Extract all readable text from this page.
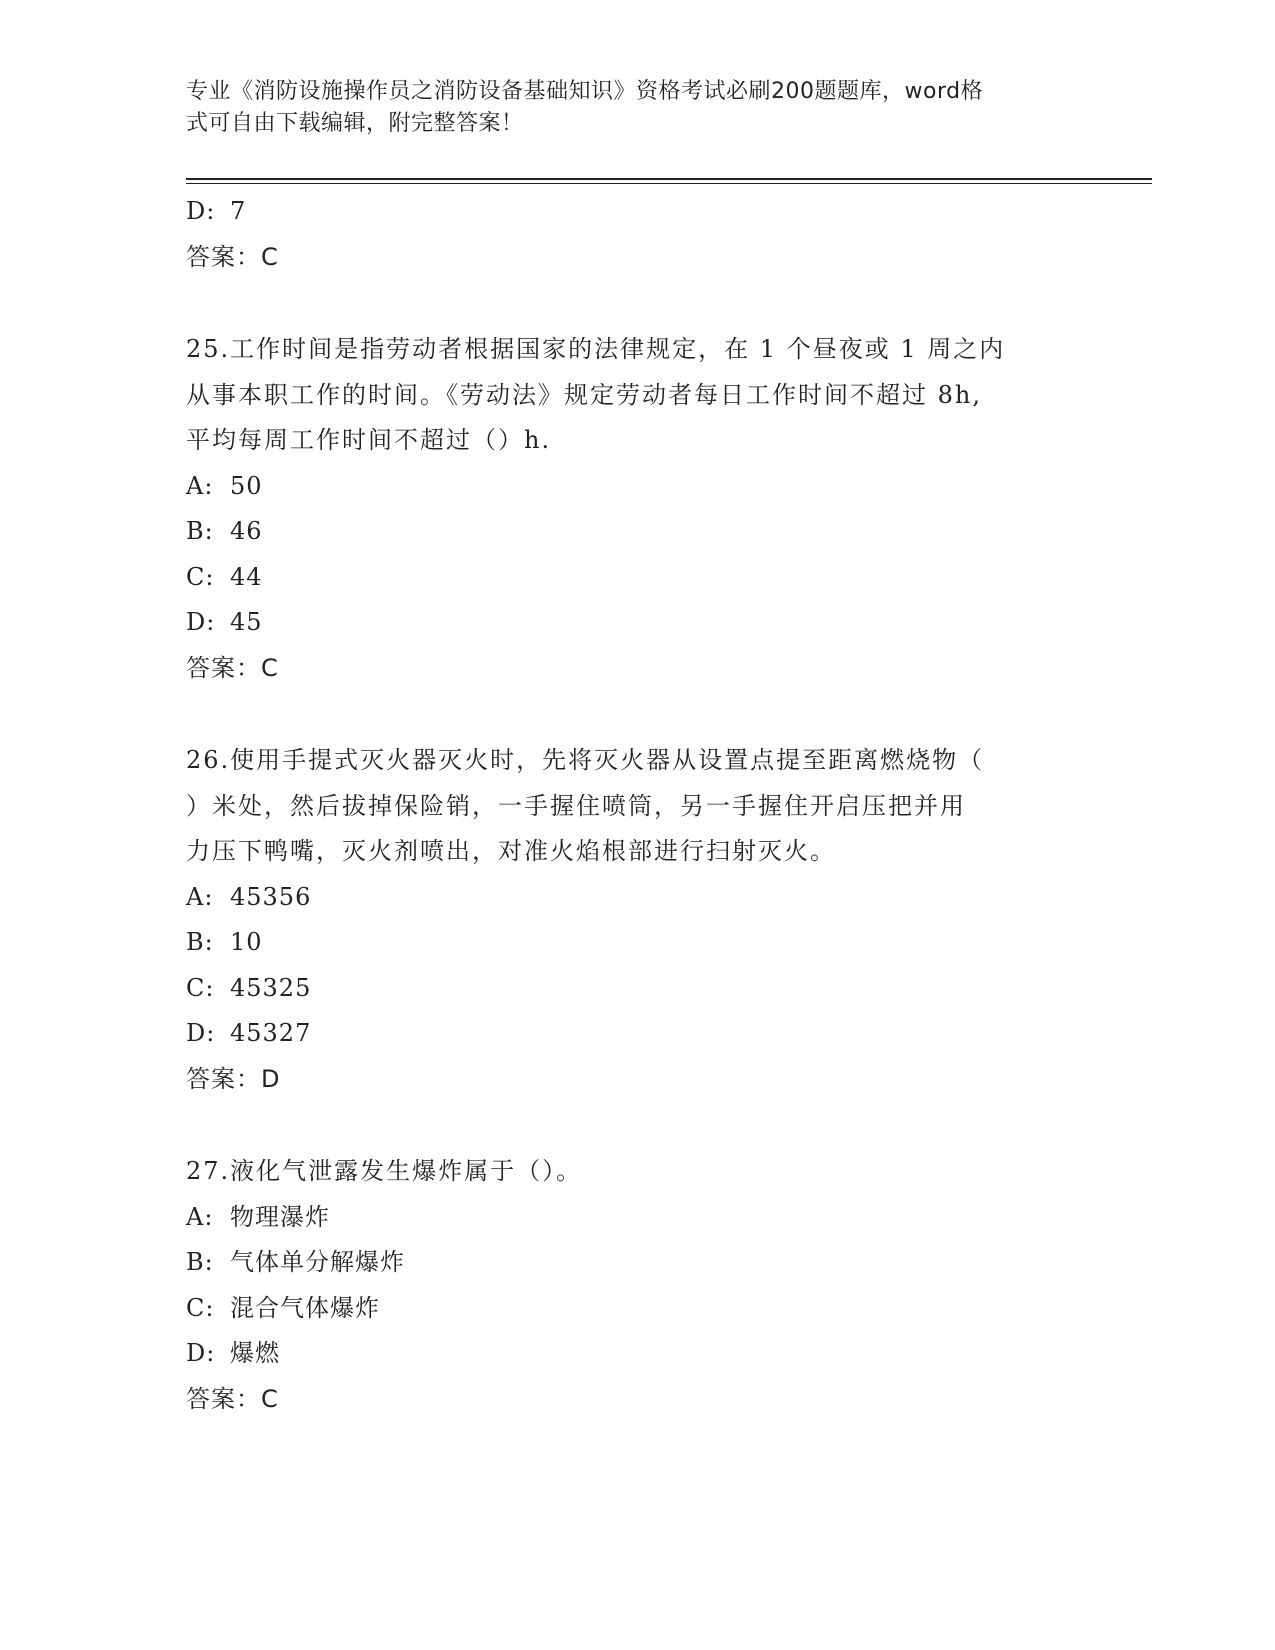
专业《消防设施操作员之消防设备基础知识》资格考试必刷200题题库，word格
式可自由下载编辑，附完整答案！
D: 7
答案：C
25.工作时间是指劳动者根据国家的法律规定，在 1 个昼夜或 1 周之内
从事本职工作的时间。《劳动法》规定劳动者每日工作时间不超过 8h,
平均每周工作时间不超过（）h.
A: 50
B: 46
C: 44
D: 45
答案：C
26.使用手提式灭火器灭火时，先将灭火器从设置点提至距离燃烧物（
）米处，然后拔掉保险销，一手握住喷筒，另一手握住开启压把并用
力压下鸭嘴，灭火剂喷出，对准火焰根部进行扫射灭火。
A: 45356
B: 10
C: 45325
D: 45327
答案：D
27.液化气泄露发生爆炸属于（）。
A: 物理瀑炸
B: 气体单分解爆炸
C: 混合气体爆炸
D: 爆燃
答案：C
